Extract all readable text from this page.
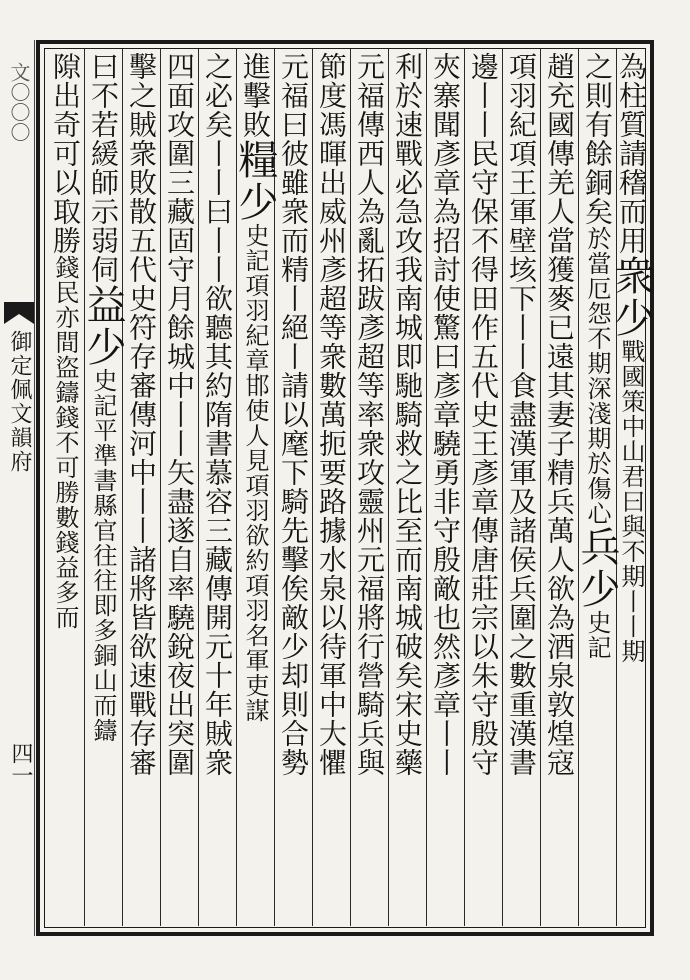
文〇〇〇
御定佩文韻府
四一
為柱質請𥡴而用衆少戰國策中山君曰與不期丨丨期
之則有餘銅矣於當厄怨不期深淺期於傷心兵少史記
趙充國傳羌人當獲麥已遠其妻子精兵萬人欲為酒泉敦煌寇
項羽紀項王軍壁垓下丨丨食盡漢軍及諸侯兵圍之數重漢書
邊丨丨民守保不得田作五代史王彥章傳唐莊宗以朱守殷守
夾寨聞彥章為招討使驚曰彥章驍勇非守殷敵也然彥章丨丨
利於速戰必急攻我南城即馳騎救之比至而南城破矣宋史藥
元福傳西人為亂拓跋彥超等率衆攻靈州元福將行營騎兵與
節度馮暉出威州彥超等衆數萬扼要路據水泉以待軍中大懼
元福曰彼雖衆而精丨絕丨請以麾下騎先擊俟敵少却則合勢
進擊敗糧少史記項羽紀章邯使人見項羽欲約項羽名軍吏謀
之必矣丨丨曰丨丨欲聽其約隋書慕容三藏傳開元十年賊衆
四面攻圍三藏固守月餘城中丨丨矢盡遂自率驍銳夜出突圍
擊之賊衆敗散五代史符存審傳河中丨丨諸將皆欲速戰存審
曰不若緩師示弱伺益少史記平準書縣官往往即多銅山而鑄
隙出奇可以取勝錢民亦間盜鑄錢不可勝數錢益多而
